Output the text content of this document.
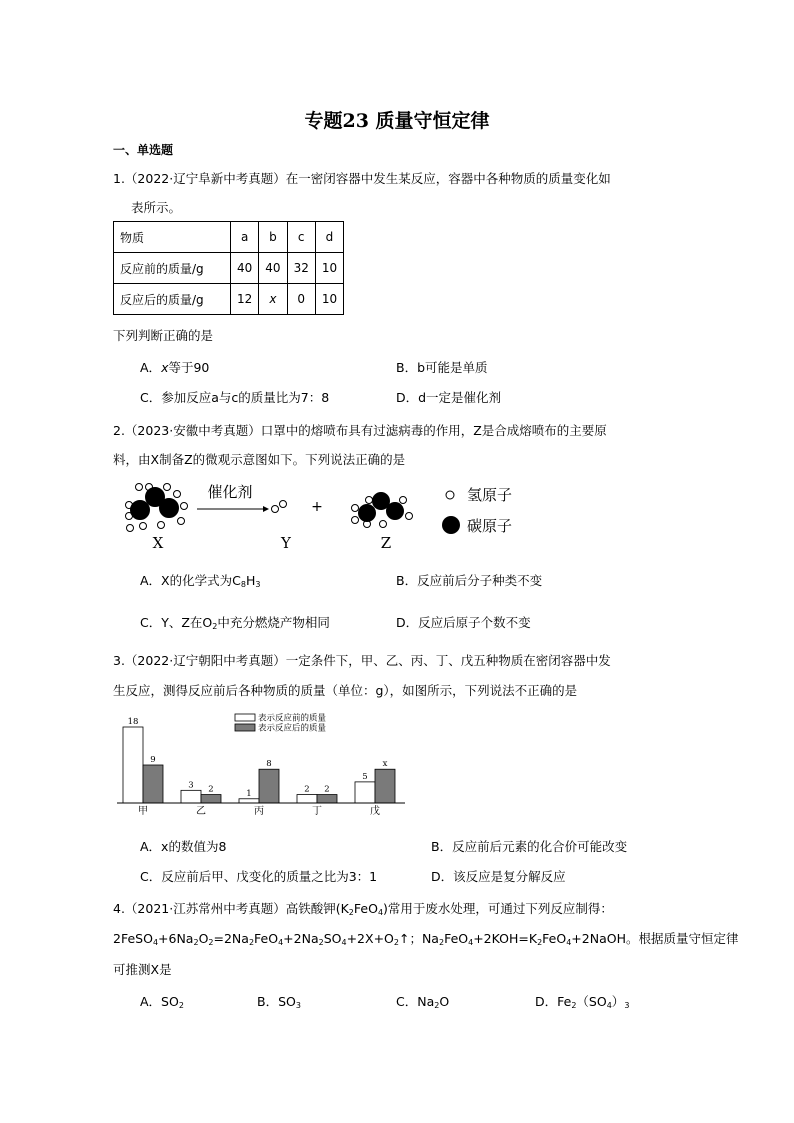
专题23 质量守恒定律
一、单选题
1.（2022·辽宁阜新中考真题）在一密闭容器中发生某反应，容器中各种物质的质量变化如
表所示。
物质	a	b	c	d
反应前的质量/g	40	40	32	10
反应后的质量/g	12	x	0	10
下列判断正确的是
A．x等于90	B．b可能是单质
C．参加反应a与c的质量比为7：8	D．d一定是催化剂
2.（2023·安徽中考真题）口罩中的熔喷布具有过滤病毒的作用，Z是合成熔喷布的主要原
料，由X制备Z的微观示意图如下。下列说法正确的是
X
催化剂
Y
+
Z
氢原子
碳原子
A．X的化学式为$C_8H_3$	B．反应前后分子种类不变
C．Y、Z在$O_2$中充分燃烧产物相同	D．反应后原子个数不变
3.（2022·辽宁朝阳中考真题）一定条件下，甲、乙、丙、丁、戊五种物质在密闭容器中发
生反应，测得反应前后各种物质的质量（单位：g），如图所示，下列说法不正确的是
表示反应前的质量
表示反应后的质量
18
9
甲
3 2
乙
1
8
丙
2 2
丁
5
x
戊
A．x的数值为8	B．反应前后元素的化合价可能改变
C．反应前后甲、戊变化的质量之比为3：1	D．该反应是复分解反应
4.（2021·江苏常州中考真题）高铁酸钾$(K_2FeO_4)$常用于废水处理，可通过下列反应制得：
$2FeSO_4+6Na_2O_2=2Na_2FeO_4+2Na_2SO_4+2X+O_2↑$；$Na_2FeO_4+2KOH=K_2FeO_4+2NaOH$。根据质量守恒定律
可推测X是
A．$SO_2$	B．$SO_3$	C．$Na_2O$	D．$Fe_2(SO_4)_3$
